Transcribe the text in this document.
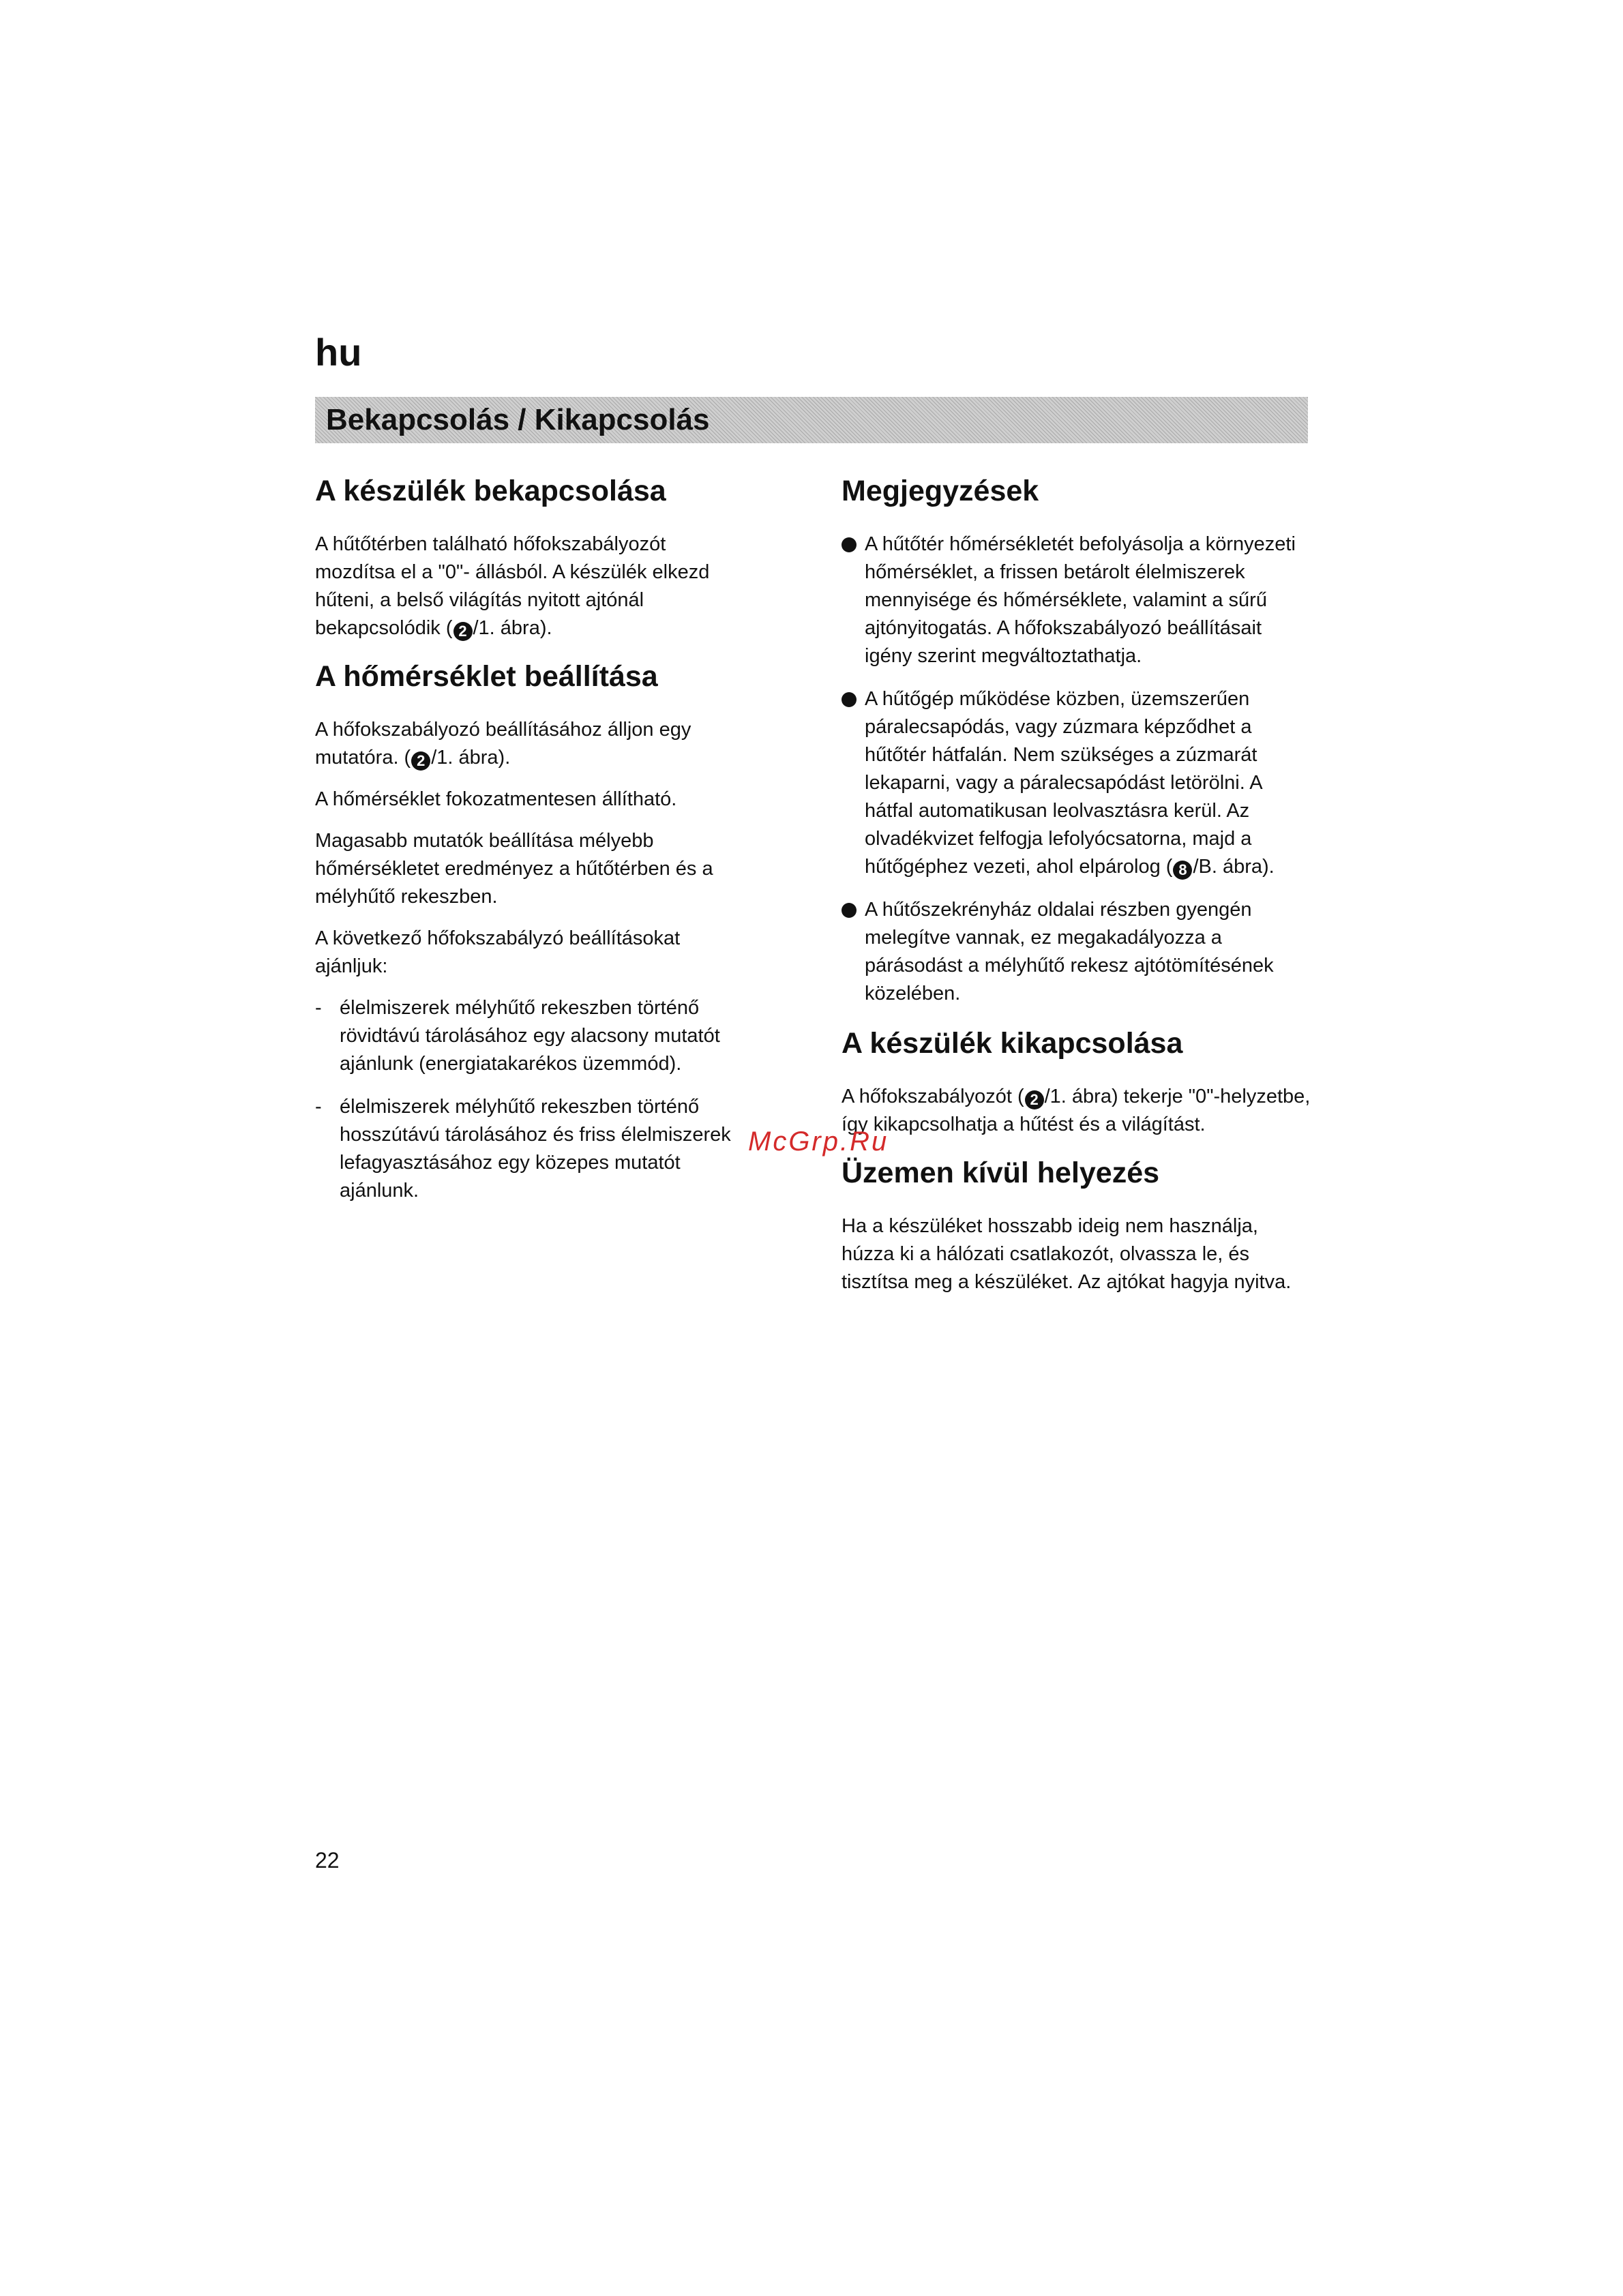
hu
Bekapcsolás / Kikapcsolás
A készülék bekapcsolása

A hűtőtérben található hőfokszabályozót mozdítsa el a "0"- állásból. A készülék elkezd hűteni, a belső világítás nyitott ajtónál bekapcsolódik ( 2 /1. ábra).

A hőmérséklet beállítása

A hőfokszabályozó beállításához álljon egy mutatóra. ( 2 /1. ábra).

A hőmérséklet fokozatmentesen állítható.

Magasabb mutatók beállítása mélyebb hőmérsékletet eredményez a hűtőtérben és a mélyhűtő rekeszben.

A következő hőfokszabályzó beállításokat ajánljuk:

- élelmiszerek mélyhűtő rekeszben történő rövidtávú tárolásához egy alacsony mutatót ajánlunk (energiatakarékos üzemmód).
- élelmiszerek mélyhűtő rekeszben történő hosszútávú tárolásához és friss élelmiszerek lefagyasztásához egy közepes mutatót ajánlunk.
Megjegyzések
A hűtőtér hőmérsékletét befolyásolja a környezeti hőmérséklet, a frissen betárolt élelmiszerek mennyisége és hőmérséklete, valamint a sűrű ajtónyitogatás. A hőfokszabályozó beállításait igény szerint megváltoztathatja.
A hűtőgép működése közben, üzemszerűen páralecsapódás, vagy zúzmara képződhet a hűtőtér hátfalán. Nem szükséges a zúzmarát lekaparni, vagy a páralecsapódást letörölni. A hátfal automatikusan leolvasztásra kerül. Az olvadékvizet felfogja lefolyócsatorna, majd a hűtőgéphez vezeti, ahol elpárolog ( 8 /B. ábra).
A hűtőszekrényház oldalai részben gyengén melegítve vannak, ez megakadályozza a párásodást a mélyhűtő rekesz ajtótömítésének közelében.
A készülék kikapcsolása

A hőfokszabályozót ( 2 /1. ábra) tekerje "0"-helyzetbe, így kikapcsolhatja a hűtést és a világítást.

Üzemen kívül helyezés

Ha a készüléket hosszabb ideig nem használja, húzza ki a hálózati csatlakozót, olvassza le, és tisztítsa meg a készüléket. Az ajtókat hagyja nyitva.

McGrp.Ru
22
